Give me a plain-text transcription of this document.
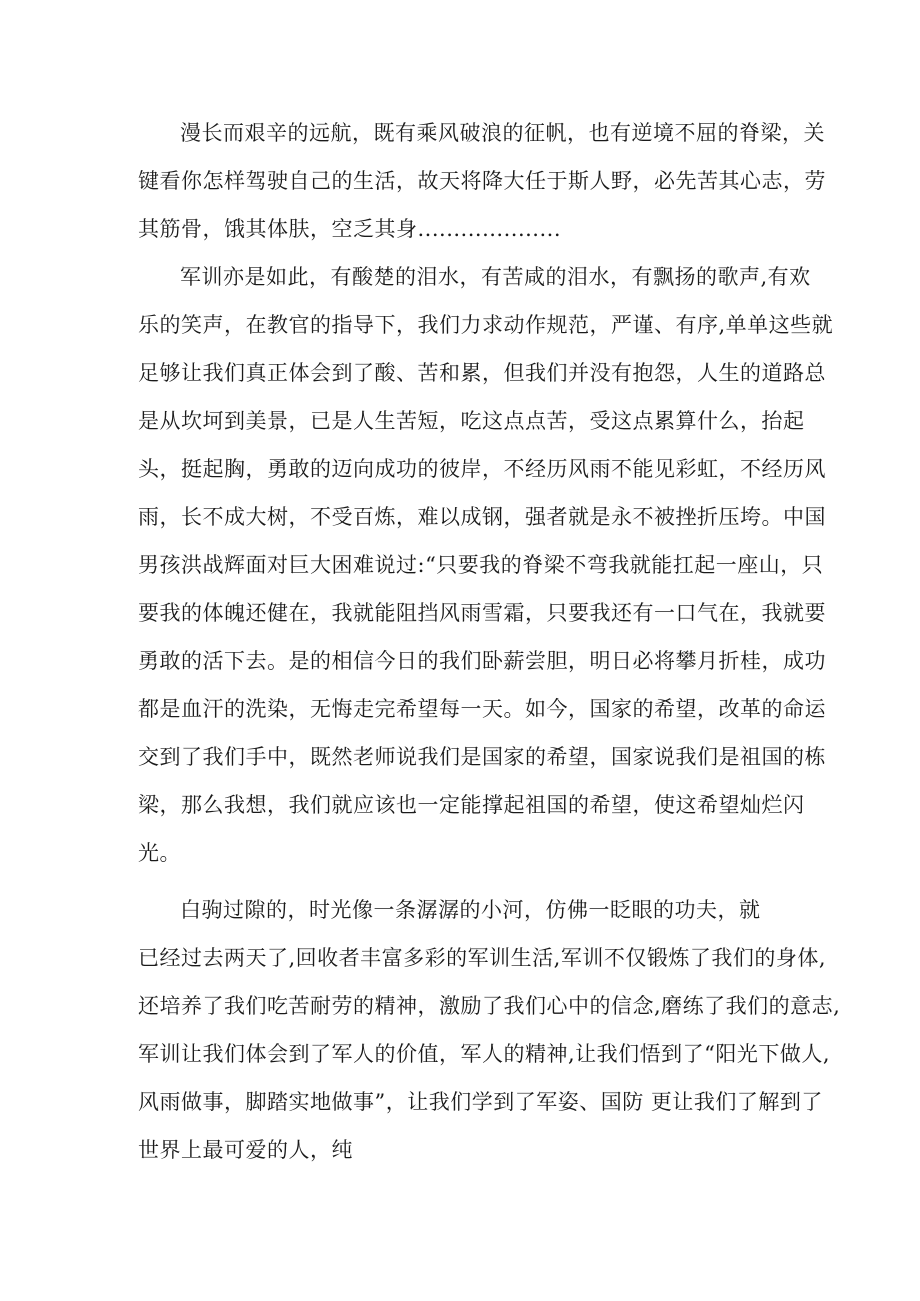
漫长而艰辛的远航，既有乘风破浪的征帆，也有逆境不屈的脊梁，关
键看你怎样驾驶自己的生活，故天将降大任于斯人野，必先苦其心志，劳
其筋骨，饿其体肤，空乏其身....................
军训亦是如此，有酸楚的泪水，有苦咸的泪水，有飘扬的歌声,有欢
乐的笑声，在教官的指导下，我们力求动作规范，严谨、有序,单单这些就
足够让我们真正体会到了酸、苦和累，但我们并没有抱怨，人生的道路总
是从坎坷到美景，已是人生苦短，吃这点点苦，受这点累算什么，抬起
头，挺起胸，勇敢的迈向成功的彼岸，不经历风雨不能见彩虹，不经历风
雨，长不成大树，不受百炼，难以成钢，强者就是永不被挫折压垮。中国
男孩洪战辉面对巨大困难说过:“只要我的脊梁不弯我就能扛起一座山，只
要我的体魄还健在，我就能阻挡风雨雪霜，只要我还有一口气在，我就要
勇敢的活下去。是的相信今日的我们卧薪尝胆，明日必将攀月折桂，成功
都是血汗的洗染，无悔走完希望每一天。如今，国家的希望，改革的命运
交到了我们手中，既然老师说我们是国家的希望，国家说我们是祖国的栋
梁，那么我想，我们就应该也一定能撑起祖国的希望，使这希望灿烂闪
光。
白驹过隙的，时光像一条潺潺的小河，仿佛一眨眼的功夫，就
已经过去两天了,回收者丰富多彩的军训生活,军训不仅锻炼了我们的身体,
还培养了我们吃苦耐劳的精神，激励了我们心中的信念,磨练了我们的意志,
军训让我们体会到了军人的价值，军人的精神,让我们悟到了“阳光下做人,
风雨做事，脚踏实地做事”，让我们学到了军姿、国防 更让我们了解到了
世界上最可爱的人，纯
